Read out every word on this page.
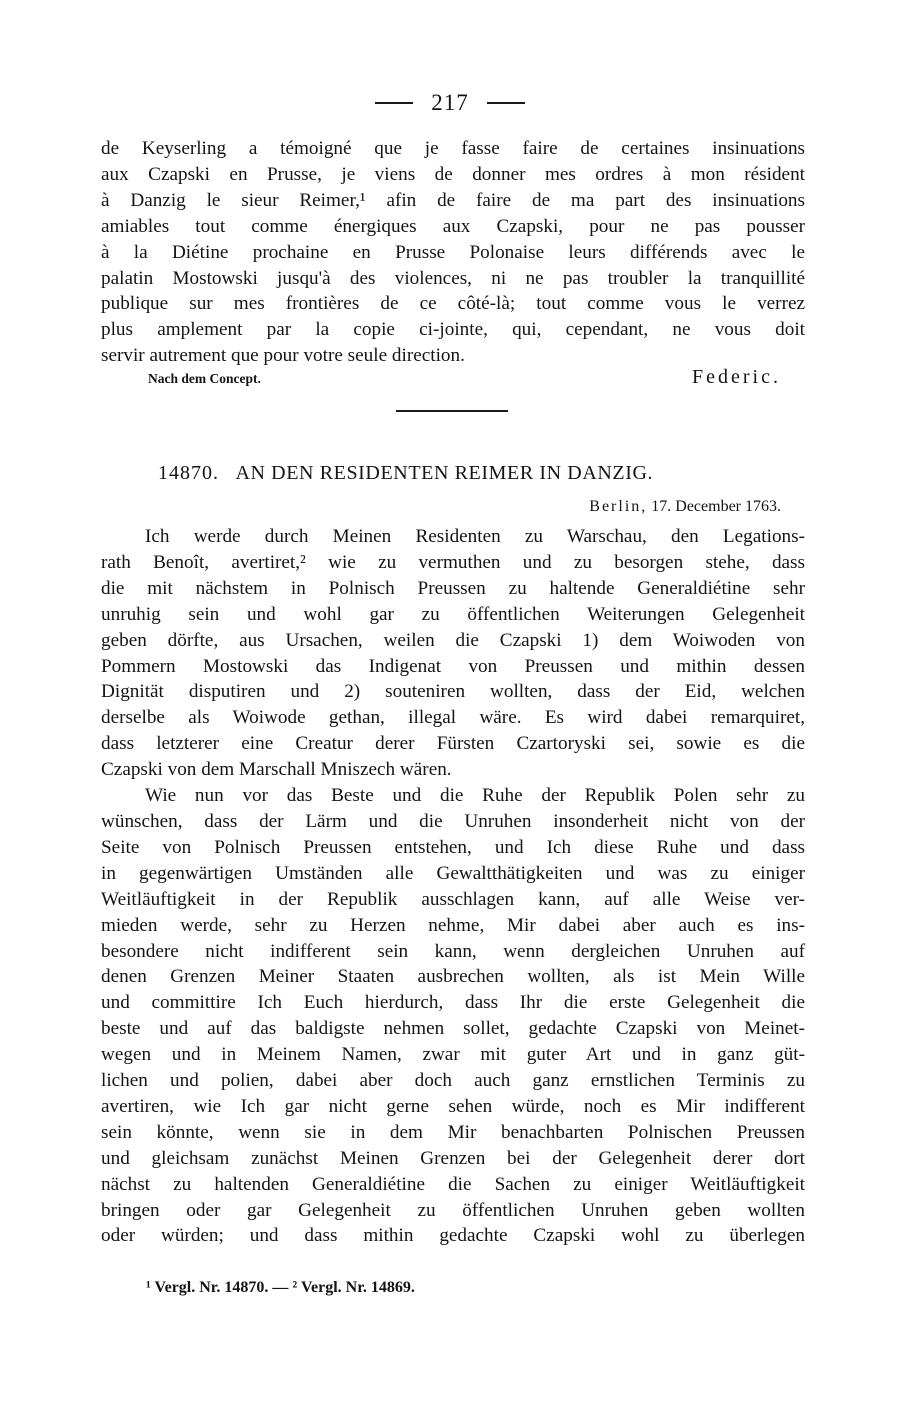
217
de Keyserling a témoigné que je fasse faire de certaines insinuations
aux Czapski en Prusse, je viens de donner mes ordres à mon résident
à Danzig le sieur Reimer,¹ afin de faire de ma part des insinuations
amiables tout comme énergiques aux Czapski, pour ne pas pousser
à la Diétine prochaine en Prusse Polonaise leurs différends avec le
palatin Mostowski jusqu'à des violences, ni ne pas troubler la tranquillité
publique sur mes frontières de ce côté-là; tout comme vous le verrez
plus amplement par la copie ci-jointe, qui, cependant, ne vous doit
servir autrement que pour votre seule direction.
Nach dem Concept.	Federic.
14870. AN DEN RESIDENTEN REIMER IN DANZIG.
Berlin, 17. December 1763.
Ich werde durch Meinen Residenten zu Warschau, den Legations-
rath Benoît, avertiret,² wie zu vermuthen und zu besorgen stehe, dass
die mit nächstem in Polnisch Preussen zu haltende Generaldiétine sehr
unruhig sein und wohl gar zu öffentlichen Weiterungen Gelegenheit
geben dörfte, aus Ursachen, weilen die Czapski 1) dem Woiwoden von
Pommern Mostowski das Indigenat von Preussen und mithin dessen
Dignität disputiren und 2) souteniren wollten, dass der Eid, welchen
derselbe als Woiwode gethan, illegal wäre. Es wird dabei remarquiret,
dass letzterer eine Creatur derer Fürsten Czartoryski sei, sowie es die
Czapski von dem Marschall Mniszech wären.
Wie nun vor das Beste und die Ruhe der Republik Polen sehr zu
wünschen, dass der Lärm und die Unruhen insonderheit nicht von der
Seite von Polnisch Preussen entstehen, und Ich diese Ruhe und dass
in gegenwärtigen Umständen alle Gewaltthätigkeiten und was zu einiger
Weitläuftigkeit in der Republik ausschlagen kann, auf alle Weise ver-
mieden werde, sehr zu Herzen nehme, Mir dabei aber auch es ins-
besondere nicht indifferent sein kann, wenn dergleichen Unruhen auf
denen Grenzen Meiner Staaten ausbrechen wollten, als ist Mein Wille
und committire Ich Euch hierdurch, dass Ihr die erste Gelegenheit die
beste und auf das baldigste nehmen sollet, gedachte Czapski von Meinet-
wegen und in Meinem Namen, zwar mit guter Art und in ganz güt-
lichen und polien, dabei aber doch auch ganz ernstlichen Terminis zu
avertiren, wie Ich gar nicht gerne sehen würde, noch es Mir indifferent
sein könnte, wenn sie in dem Mir benachbarten Polnischen Preussen
und gleichsam zunächst Meinen Grenzen bei der Gelegenheit derer dort
nächst zu haltenden Generaldiétine die Sachen zu einiger Weitläuftigkeit
bringen oder gar Gelegenheit zu öffentlichen Unruhen geben wollten
oder würden; und dass mithin gedachte Czapski wohl zu überlegen
¹ Vergl. Nr. 14870. — ² Vergl. Nr. 14869.
